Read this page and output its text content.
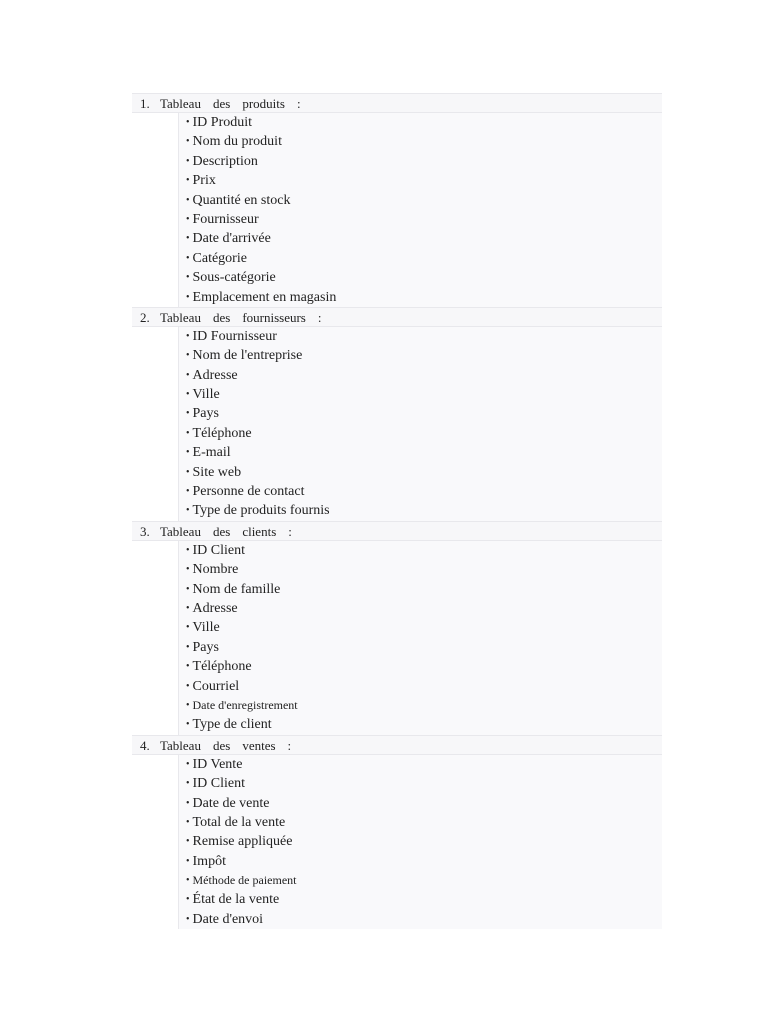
1. Tableau des produits :
• ID Produit
• Nom du produit
• Description
• Prix
• Quantité en stock
• Fournisseur
• Date d'arrivée
• Catégorie
• Sous-catégorie
• Emplacement en magasin
2. Tableau des fournisseurs :
• ID Fournisseur
• Nom de l'entreprise
• Adresse
• Ville
• Pays
• Téléphone
• E-mail
• Site web
• Personne de contact
• Type de produits fournis
3. Tableau des clients :
• ID Client
• Nombre
• Nom de famille
• Adresse
• Ville
• Pays
• Téléphone
• Courriel
• Date d'enregistrement
• Type de client
4. Tableau des ventes :
• ID Vente
• ID Client
• Date de vente
• Total de la vente
• Remise appliquée
• Impôt
• Méthode de paiement
• État de la vente
• Date d'envoi
